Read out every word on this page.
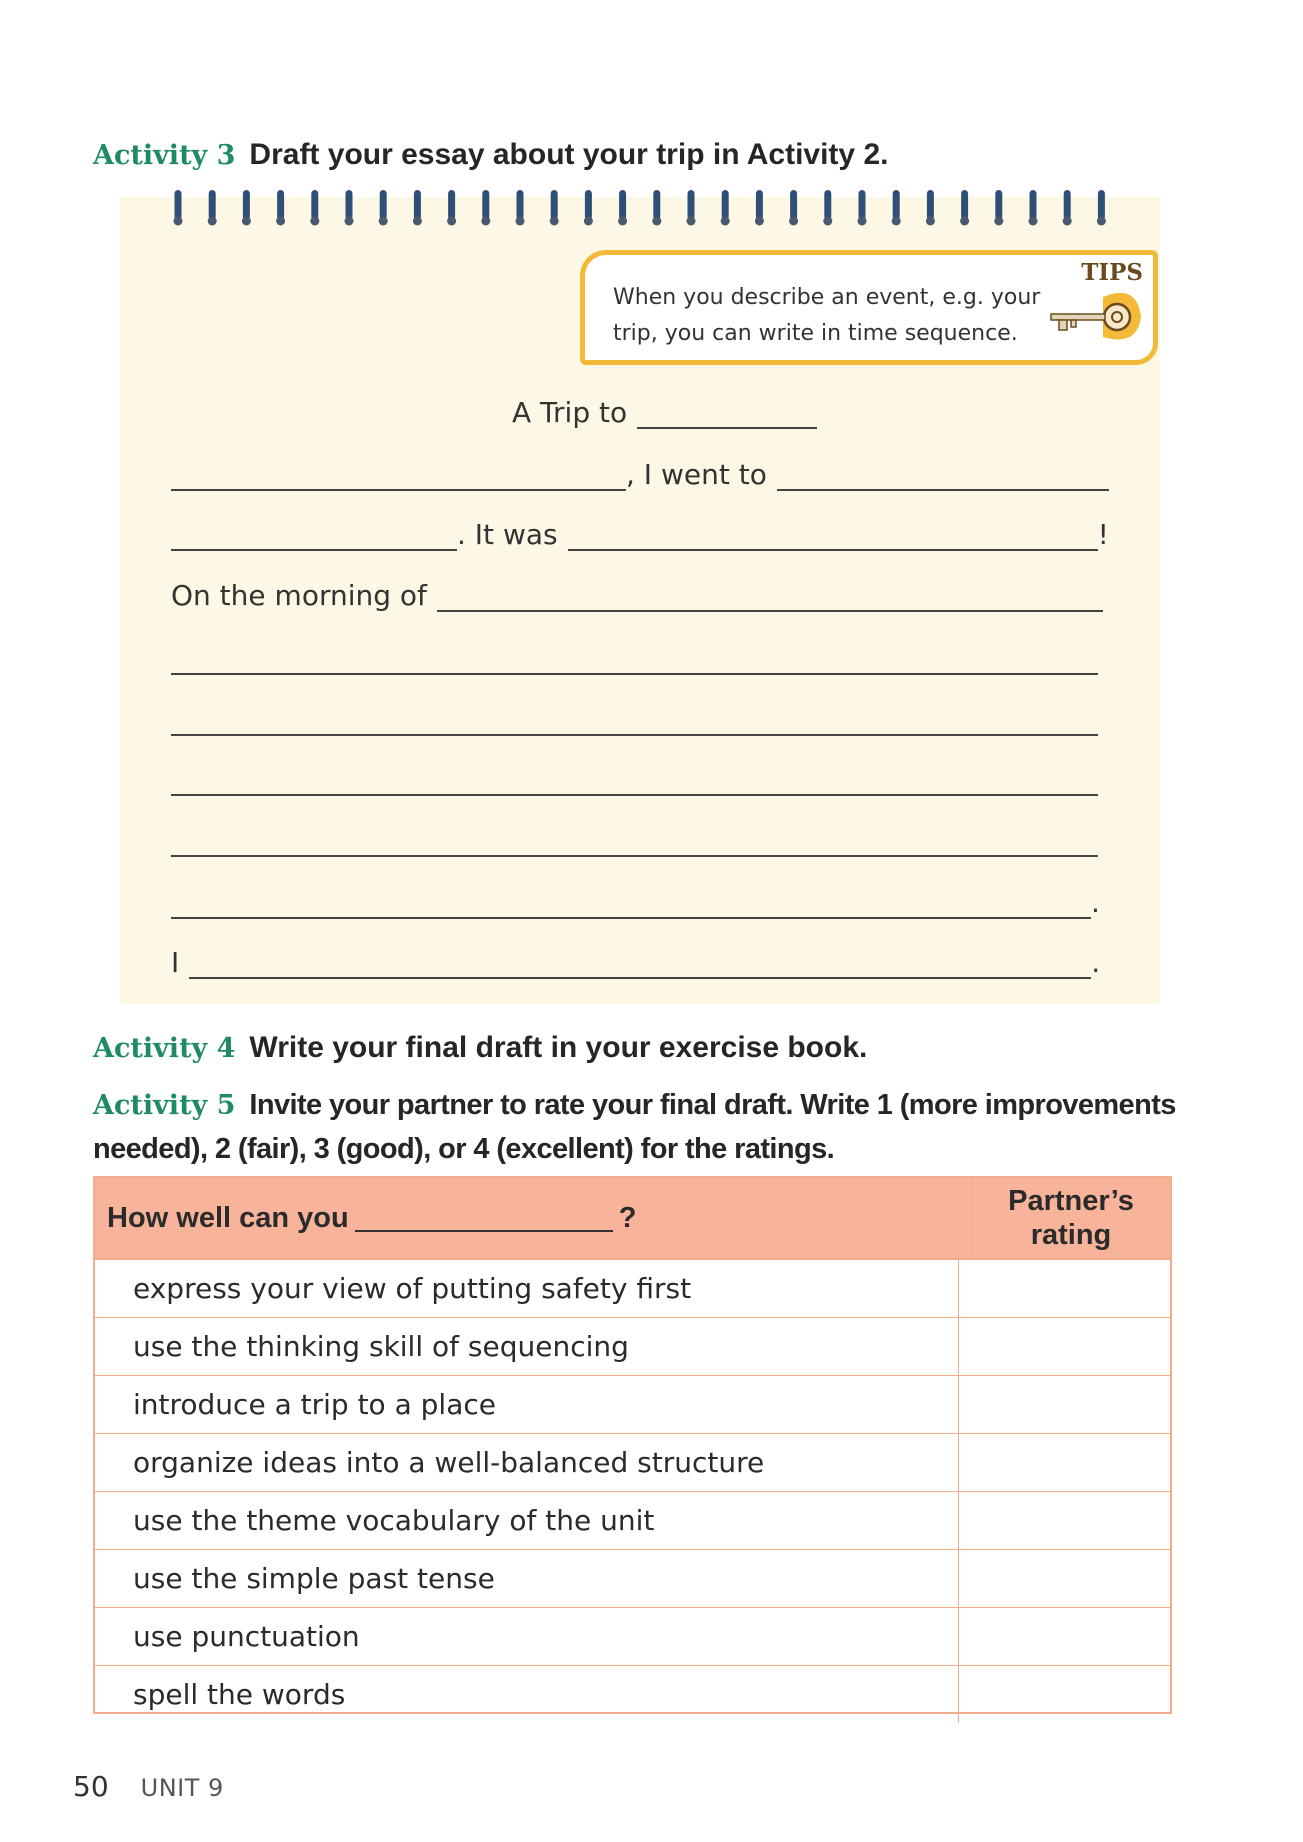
Activity 3 Draft your essay about your trip in Activity 2.
TIPS
When you describe an event, e.g. your trip, you can write in time sequence.
A Trip to
, I went to
. It was	!
On the morning of
.
I	.
Activity 4 Write your final draft in your exercise book.
Activity 5 Invite your partner to rate your final draft. Write 1 (more improvements
needed), 2 (fair), 3 (good), or 4 (excellent) for the ratings.
How well can you	?
Partner’s rating
express your view of putting safety first
use the thinking skill of sequencing
introduce a trip to a place
organize ideas into a well-balanced structure
use the theme vocabulary of the unit
use the simple past tense
use punctuation
spell the words
50 UNIT 9
